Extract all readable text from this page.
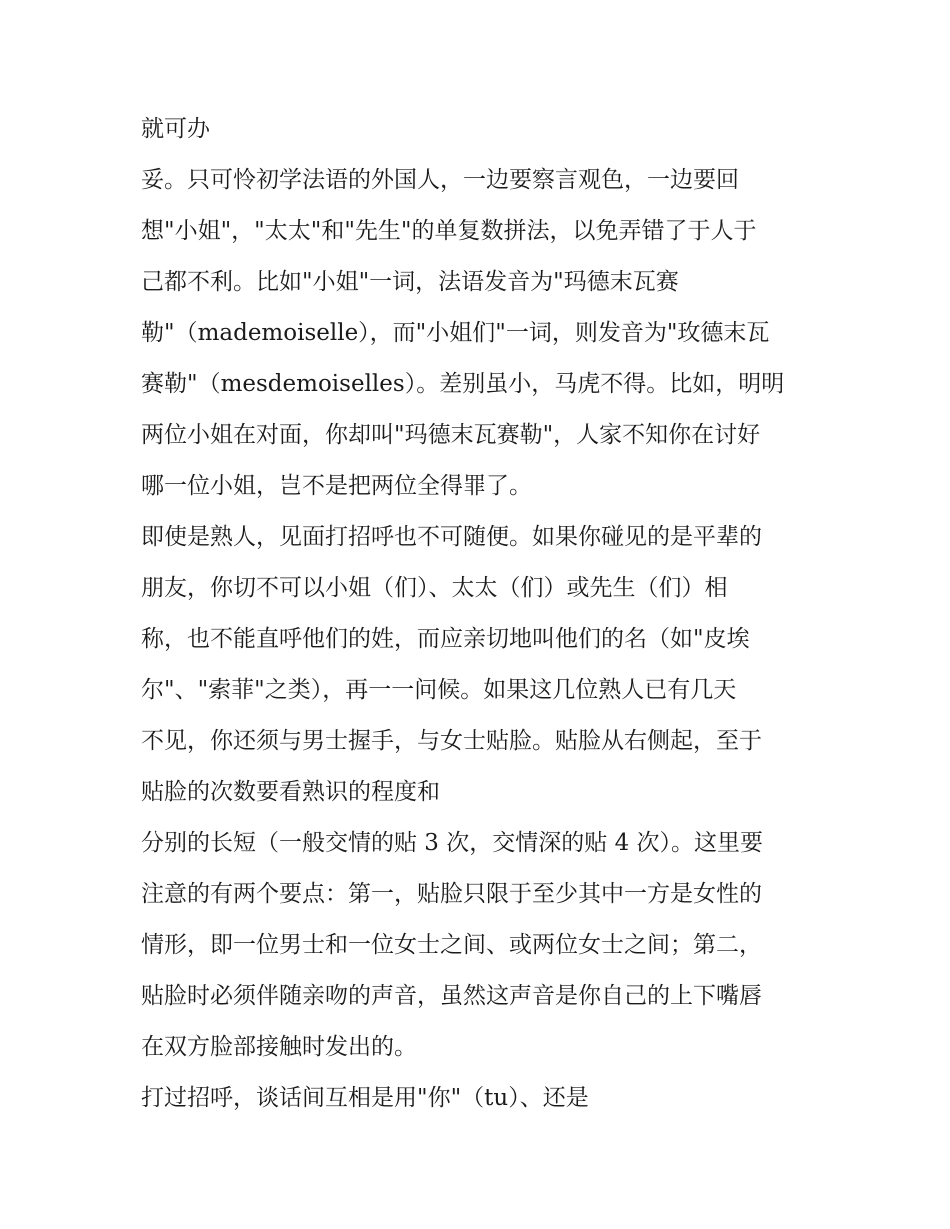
就可办
妥。只可怜初学法语的外国人，一边要察言观色，一边要回
想"小姐"，"太太"和"先生"的单复数拼法，以免弄错了于人于
己都不利。比如"小姐"一词，法语发音为"玛德末瓦赛
勒"（mademoiselle），而"小姐们"一词，则发音为"玫德末瓦
赛勒"（mesdemoiselles）。差别虽小，马虎不得。比如，明明
两位小姐在对面，你却叫"玛德末瓦赛勒"，人家不知你在讨好
哪一位小姐，岂不是把两位全得罪了。
即使是熟人，见面打招呼也不可随便。如果你碰见的是平辈的
朋友，你切不可以小姐（们）、太太（们）或先生（们）相
称，也不能直呼他们的姓，而应亲切地叫他们的名（如"皮埃
尔"、"索菲"之类），再一一问候。如果这几位熟人已有几天
不见，你还须与男士握手，与女士贴脸。贴脸从右侧起，至于
贴脸的次数要看熟识的程度和
分别的长短（一般交情的贴 3 次，交情深的贴 4 次）。这里要
注意的有两个要点：第一，贴脸只限于至少其中一方是女性的
情形，即一位男士和一位女士之间、或两位女士之间；第二，
贴脸时必须伴随亲吻的声音，虽然这声音是你自己的上下嘴唇
在双方脸部接触时发出的。
打过招呼，谈话间互相是用"你"（tu）、还是
